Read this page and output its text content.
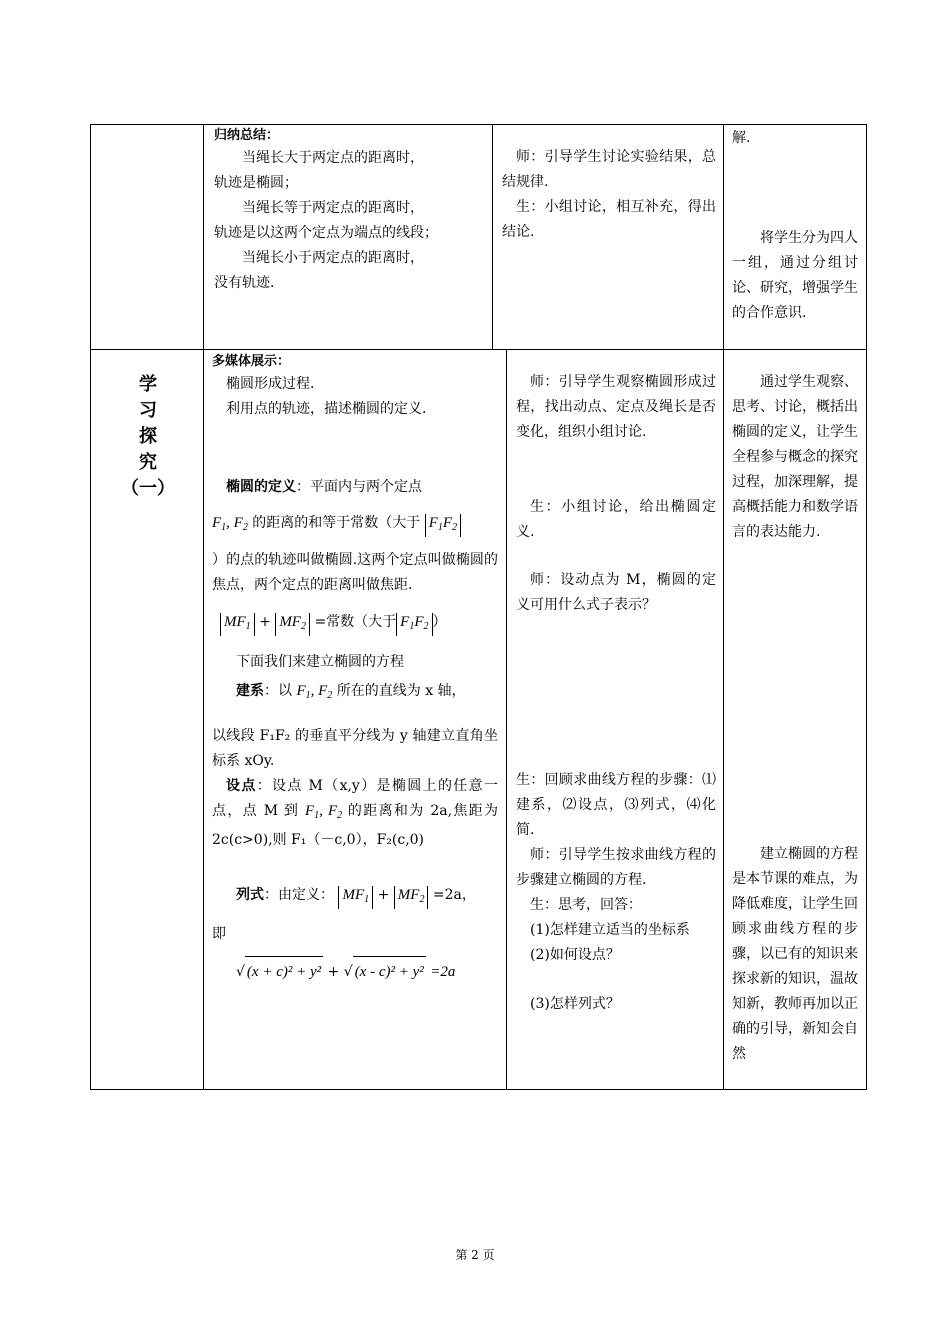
归纳总结：

当绳长大于两定点的距离时，

轨迹是椭圆；

当绳长等于两定点的距离时，

轨迹是以这两个定点为端点的线段；

当绳长小于两定点的距离时，

没有轨迹.

师：引导学生讨论实验结果，总结规律.

生：小组讨论，相互补充，得出结论.

解.

将学生分为四人一组，通过分组讨论、研究，增强学生的合作意识.

学
习
探
究
（一）

多媒体展示：

椭圆形成过程.

利用点的轨迹，描述椭圆的定义.

椭圆的定义：平面内与两个定点

$F_1$, $F_2$ 的距离的和等于常数（大于 $F_1F_2$

）的点的轨迹叫做椭圆.这两个定点叫做椭圆的焦点，两个定点的距离叫做焦距.

$MF_1 + MF_2$ =常数（大于 $F_1F_2$ ）

下面我们来建立椭圆的方程

建系：以 $F_1$, $F_2$ 所在的直线为 x 轴，

以线段 F₁F₂ 的垂直平分线为 y 轴建立直角坐标系 xOy.

设点：设点 M（x,y）是椭圆上的任意一点，点 M 到 $F_1$, $F_2$ 的距离和为 2a,焦距为 2c(c>0),则 F₁（－c,0），F₂(c,0)

列式：由定义： $MF_1 + MF_2 =2a$，

即

√ (x + c)² + y² + √ (x - c)² + y² =2a

师：引导学生观察椭圆形成过程，找出动点、定点及绳长是否变化，组织小组讨论.

生：小组讨论，给出椭圆定义.

师：设动点为 M，椭圆的定义可用什么式子表示？

生：回顾求曲线方程的步骤：⑴建系，⑵设点，⑶列式，⑷化简.

师：引导学生按求曲线方程的步骤建立椭圆的方程.

生：思考，回答：

(1)怎样建立适当的坐标系

(2)如何设点？

(3)怎样列式？

通过学生观察、思考、讨论，概括出椭圆的定义，让学生全程参与概念的探究过程，加深理解，提高概括能力和数学语言的表达能力.

建立椭圆的方程是本节课的难点，为降低难度，让学生回顾求曲线方程的步骤，以已有的知识来探求新的知识，温故知新，教师再加以正确的引导，新知会自然

第 2 页
